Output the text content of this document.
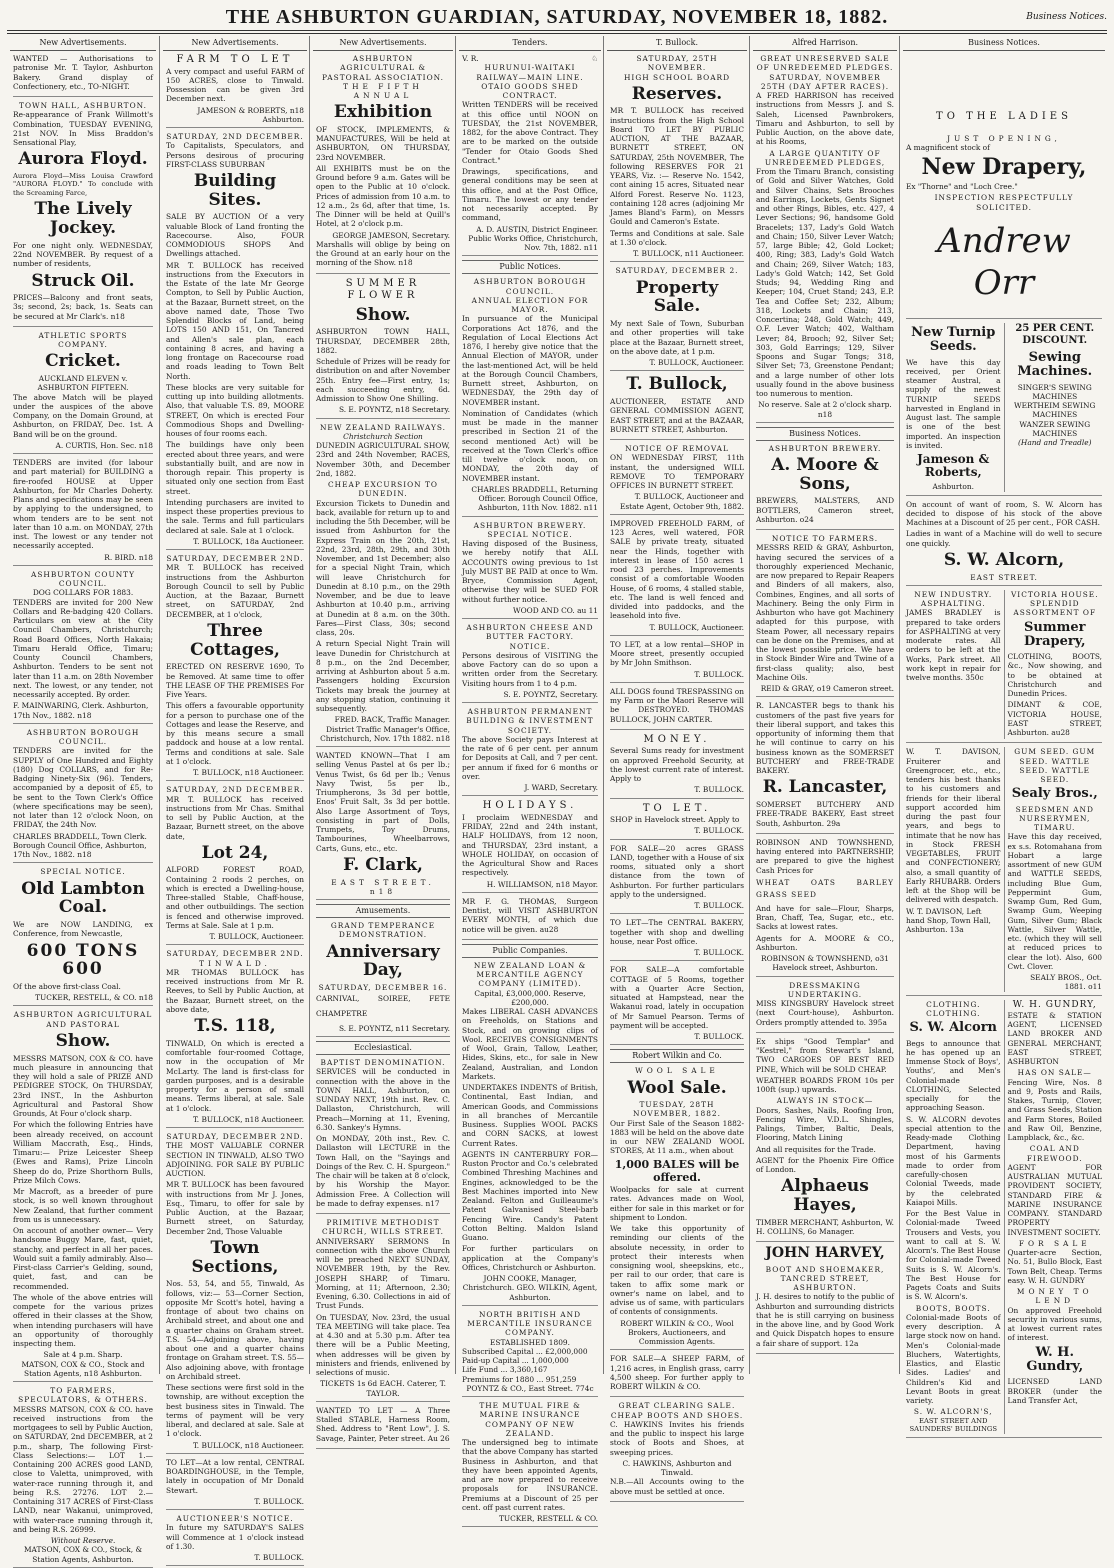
THE ASHBURTON GUARDIAN, SATURDAY, NOVEMBER 18, 1882.	Business Notices.
New Advertisements.

WANTED — Authorisations to patronise Mr. T. Taylor, Ashburton Bakery. Grand display of Confectionery, etc., TO-NIGHT.

TOWN HALL, ASHBURTON.

Re-appearance of Frank Willmott's Combination, TUESDAY EVENING, 21st NOV. In Miss Braddon's Sensational Play,

Aurora Floyd.

Aurora Floyd—Miss Louisa Crawford "AURORA FLOYD." To conclude with the Screaming Farce,

The Lively Jockey.

For one night only. WEDNESDAY, 22nd NOVEMBER. By request of a number of residents,

Struck Oil.

PRICES—Balcony and front seats, 3s; second, 2s; back, 1s. Seats can be secured at Mr Clark's. n18

ATHLETIC SPORTS COMPANY.
Cricket.
AUCKLAND ELEVEN v. ASHBURTON FIFTEEN.

The above Match will be played under the auspices of the above Company, on the Domain Ground, at Ashburton, on FRIDAY, Dec. 1st. A Band will be on the ground.

A. CURTIS, Hon. Sec. n18

TENDERS are invited (for labour and part material) for BUILDING a fire-roofed HOUSE at Upper Ashburton, for Mr Charles Doherty. Plans and specifications may be seen by applying to the undersigned, to whom tenders are to be sent not later than 10 a.m. on MONDAY, 27th inst. The lowest or any tender not necessarily accepted.

R. BIRD. n18
ASHBURTON COUNTY COUNCIL.
DOG COLLARS FOR 1883.

TENDERS are invited for 200 New Collars and Re-badging 420 Collars. Particulars on view at the City Council Chambers, Christchurch; Road Board Offices, North Hakaia; Timaru Herald Office, Timaru; County Council Chambers, Ashburton. Tenders to be sent not later than 11 a.m. on 28th November next. The lowest, or any tender, not necessarily accepted. By order.

F. MAINWARING, Clerk. Ashburton, 17th Nov., 1882. n18
ASHBURTON BOROUGH COUNCIL.

TENDERS are invited for the SUPPLY of One Hundred and Eighty (180) Dog COLLARS, and for Re-Badging Ninety-Six (96). Tenders, accompanied by a deposit of £5, to be sent to the Town Clerk's Office (where specifications may be seen), not later than 12 o'clock Noon, on FRIDAY, the 24th Nov.

CHARLES BRADDELL, Town Clerk. Borough Council Office, Ashburton, 17th Nov., 1882. n18
SPECIAL NOTICE.
Old Lambton Coal.

We are NOW LANDING, ex Conference, from Newcastle,

600 TONS 600

Of the above first-class Coal.

TUCKER, RESTELL, & CO. n18
ASHBURTON AGRICULTURAL AND PASTORAL
Show.

MESSRS MATSON, COX & CO. have much pleasure in announcing that they will hold a sale of PRIZE AND PEDIGREE STOCK, On THURSDAY, 23rd INST., In the Ashburton Agricultural and Pastoral Show Grounds, At Four o'clock sharp.

For which the following Entries have been already received, on account William Maccrath, Esq., Hinds, Timaru:— Prize Leicester Sheep (Ewes and Rams), Prize Lincoln Sheep do do, Prize Shorthorn Bulls, Prize Milch Cows.

Mr Macroft, as a breeder of pure stock, is so well known throughout New Zealand, that further comment from us is unnecessary.

On account of another owner— Very handsome Buggy Mare, fast, quiet, stanchy, and perfect in all her paces. Would suit a family admirably. Also— First-class Carrier's Gelding, sound, quiet, fast, and can be recommended.

The whole of the above entries will compete for the various prizes offered in their classes at the Show, when intending purchasers will have an opportunity of thoroughly inspecting them.

Sale at 4 p.m. Sharp.
MATSON, COX & CO., Stock and Station Agents, n18 Ashburton.
TO FARMERS, SPECULATORS, & OTHERS.

MESSRS MATSON, COX & CO. have received instructions from the mortgagees to sell by Public Auction, on SATURDAY, 2nd DECEMBER, at 2 p.m., sharp, The following First-Class Selections:— LOT 1.—Containing 200 ACRES good LAND, close to Valetta, unimproved, with water-race running through it, and being R.S. 27276. LOT 2.—Containing 317 ACRES of First-Class LAND, near Wakanui, unimproved, with water-race running through it, and being R.S. 26999.

Without Reserve.
MATSON, COX & CO., Stock, & Station Agents, Ashburton.
New Advertisements.
FARM TO LET

A very compact and useful FARM of 150 ACRES, close to Tinwald. Possession can be given 3rd December next.

JAMESON & ROBERTS, n18 Ashburton.
SATURDAY, 2ND DECEMBER.

To Capitalists, Speculators, and Persons desirous of procuring FIRST-CLASS SUBURBAN

Building Sites.

SALE BY AUCTION Of a very valuable Block of Land fronting the Racecourse. Also, FOUR COMMODIOUS SHOPS And Dwellings attached.

MR T. BULLOCK has received instructions from the Executors in the Estate of the late Mr George Compton, to Sell by Public Auction, at the Bazaar, Burnett street, on the above named date, Those Two Splendid Blocks of Land, being LOTS 150 AND 151, On Tancred and Allen's sale plan, each containing 8 acres, and having a long frontage on Racecourse road and roads leading to Town Belt North.

These blocks are very suitable for cutting up into building allotments. Also, that valuable T.S. 89, MOORE STREET, On which is erected Four Commodious Shops and Dwelling-houses of four rooms each.

The buildings have only been erected about three years, and were substantially built, and are now in thorough repair. This property is situated only one section from East street.

Intending purchasers are invited to inspect these properties previous to the sale. Terms and full particulars declared at sale. Sale at 1 o'clock.

T. BULLOCK, 18a Auctioneer.
SATURDAY, DECEMBER 2ND.

MR T. BULLOCK has received instructions from the Ashburton Borough Council to sell by Public Auction, at the Bazaar, Burnett street, on SATURDAY, 2nd DECEMBER, at 1 o'clock,

Three Cottages,

ERECTED ON RESERVE 1690, To be Removed. At same time to offer THE LEASE OF THE PREMISES For Five Years.

This offers a favourable opportunity for a person to purchase one of the Cottages and lease the Reserve, and by this means secure a small paddock and house at a low rental. Terms and conditions at sale. Sale at 1 o'clock.

T. BULLOCK, n18 Auctioneer.
SATURDAY, 2ND DECEMBER.

MR T. BULLOCK has received instructions from Mr Chas. Smithal to sell by Public Auction, at the Bazaar, Burnett street, on the above date,

Lot 24,

ALFORD FOREST ROAD, Containing 2 roods 2 perches, on which is erected a Dwelling-house, Three-stalled Stable, Chaff-house, and other outbuildings. The section is fenced and otherwise improved. Terms at Sale. Sale at 1 p.m.

T. BULLOCK, Auctioneer.
SATURDAY, DECEMBER 2ND.
TINWALD.

MR THOMAS BULLOCK has received instructions from Mr R. Reeves, to Sell by Public Auction, at the Bazaar, Burnett street, on the above date,

T.S. 118,

TINWALD, On which is erected a comfortable four-roomed Cottage, now in the occupation of Mr McLarty. The land is first-class for garden purposes, and is a desirable property for a person of small means. Terms liberal, at sale. Sale at 1 o'clock.

T. BULLOCK, n18 Auctioneer.
SATURDAY, DECEMBER 2ND.

THE MOST VALUABLE CORNER SECTION IN TINWALD, ALSO TWO ADJOINING. FOR SALE BY PUBLIC AUCTION.

MR T. BULLOCK has been favoured with instructions from Mr J. Jones, Esq., Timaru, to offer for sale by Public Auction, at the Bazaar, Burnett street, on Saturday, December 2nd, Those Valuable

Town Sections,

Nos. 53, 54, and 55, Tinwald, As follows, viz:— 53—Corner Section, opposite Mr Scott's hotel, having a frontage of about two chains on Archibald street, and about one and a quarter chains on Graham street. T.S. 54—Adjoining above, having about one and a quarter chains frontage on Graham street. T.S. 55—Also adjoining above, with frontage on Archibald street.

These sections were first sold in the township, are without exception the best business sites in Tinwald. The terms of payment will be very liberal, and declared at sale. Sale at 1 o'clock.

T. BULLOCK, n18 Auctioneer.

TO LET—At a low rental, CENTRAL BOARDINGHOUSE, in the Temple, lately in occupation of Mr Donald Stewart.

T. BULLOCK.
AUCTIONEER'S NOTICE.

In future my SATURDAY'S SALES will Commence at 1 o'clock instead of 1.30.

T. BULLOCK.
New Advertisements.
ASHBURTON AGRICULTURAL & PASTORAL ASSOCIATION.
THE FIFTH ANNUAL
Exhibition

OF STOCK, IMPLEMENTS, & MANUFACTURES, Will be held at ASHBURTON, ON THURSDAY, 23rd NOVEMBER.

All EXHIBITS must be on the Ground before 9 a.m. Gates will be open to the Public at 10 o'clock. Prices of admission from 10 a.m. to 12 a.m., 2s 6d, after that time, 1s. The Dinner will be held at Quill's Hotel, at 2 o'clock p.m.

GEORGE JAMESON, Secretary.

Marshalls will oblige by being on the Ground at an early hour on the morning of the Show. n18

SUMMER FLOWER
Show.

ASHBURTON TOWN HALL, THURSDAY, DECEMBER 28th, 1882.

Schedule of Prizes will be ready for distribution on and after November 25th. Entry fee—First entry, 1s; each succeeding entry, 6d. Admission to Show One Shilling.

S. E. POYNTZ, n18 Secretary.
NEW ZEALAND RAILWAYS.
Christchurch Section

DUNEDIN AGRICULTURAL SHOW, 23rd and 24th November, RACES, November 30th, and December 2nd, 1882.

CHEAP EXCURSION TO DUNEDIN.

Excursion Tickets to Dunedin and back, available for return up to and including the 5th December, will be issued from Ashburton for the Express Train on the 20th, 21st, 22nd, 23rd, 28th, 29th, and 30th November, and 1st December; also for a special Night Train, which will leave Christchurch for Dunedin at 8.10 p.m., on the 29th November, and be due to leave Ashburton at 10.40 p.m., arriving at Dunedin at 8 a.m. on the 30th. Fares—First Class, 30s; second class, 20s.

A return Special Night Train will leave Dunedin for Christchurch at 8 p.m., on the 2nd December, arriving at Ashburton about 5 a.m. Passengers holding Excursion Tickets may break the journey at any stopping station, continuing it subsequently.

FRED. BACK, Traffic Manager. District Traffic Manager's Office, Christchurch, Nov. 17th 1882. n18

WANTED KNOWN—That I am selling Venus Pastel at 6s per lb.; Venus Twist, 6s 6d per lb.; Venus Navy Twist, 5s per lb., Triumpherons, 3s 3d per bottle, Enos' Fruit Salt, 3s 3d per bottle. Also Large Assortment of Toys, consisting in part of Dolls, Trumpets, Toy Drums, Tambourines, Wheelbarrows, Carts, Guns, etc., etc.

F. Clark,
EAST STREET. n18
Amusements.
GRAND TEMPERANCE DEMONSTRATION.
Anniversary Day,
SATURDAY, DECEMBER 16.

CARNIVAL, SOIREE, FETE CHAMPETRE

S. E. POYNTZ, n11 Secretary.
Ecclesiastical.
BAPTIST DENOMINATION.

SERVICES will be conducted in connection with the above in the TOWN HALL, Ashburton, on SUNDAY NEXT, 19th inst. Rev. C. Dallaston, Christchurch, will Preach—Morning at 11, Evening, 6.30. Sankey's Hymns.

On MONDAY, 20th inst., Rev. C. Dallaston will LECTURE in the Town Hall, on the "Sayings and Doings of the Rev. C. H. Spurgeon." The chair will be taken at 8 o'clock, by his Worship the Mayor. Admission Free. A Collection will be made to defray expenses. n17

PRIMITIVE METHODIST CHURCH, WILLS STREET.

ANNIVERSARY SERMONS In connection with the above Church will be preached NEXT SUNDAY, NOVEMBER 19th, by the Rev. JOSEPH SHARP, of Timaru. Morning, at 11; Afternoon, 2.30; Evening, 6.30. Collections in aid of Trust Funds.

On TUESDAY, Nov. 23rd, the usual TEA MEETING will take place. Tea at 4.30 and at 5.30 p.m. After tea there will be a Public Meeting, when addresses will be given by ministers and friends, enlivened by selections of music.

TICKETS 1s 6d EACH. Caterer, T. TAYLOR.

WANTED TO LET — A Three Stalled STABLE, Harness Room, Shed. Address to "Rent Low", J. S. Savage, Painter, Peter street. Au 26

Tenders.
V. R.	♘
HURUNUI-WAITAKI RAILWAY—MAIN LINE.
OTAIO GOODS SHED CONTRACT.

Written TENDERS will be received at this office until NOON on TUESDAY, the 21st NOVEMBER, 1882, for the above Contract. They are to be marked on the outside "Tender for Otaio Goods Shed Contract."

Drawings, specifications, and general conditions may be seen at this office, and at the Post Office, Timaru. The lowest or any tender not necessarily accepted. By command,

A. D. AUSTIN, District Engineer. Public Works Office, Christchurch, Nov. 7th, 1882. n11
Public Notices.
ASHBURTON BOROUGH COUNCIL.
ANNUAL ELECTION FOR MAYOR.

In pursuance of the Municipal Corporations Act 1876, and the Regulation of Local Elections Act 1876, I hereby give notice that the Annual Election of MAYOR, under the last-mentioned Act, will be held at the Borough Council Chambers, Burnett street, Ashburton, on WEDNESDAY, the 29th day of NOVEMBER instant.

Nomination of Candidates (which must be made in the manner prescribed in Section 21 of the second mentioned Act) will be received at the Town Clerk's office till twelve o'clock noon, on MONDAY, the 20th day of NOVEMBER instant.

CHARLES BRADDELL, Returning Officer. Borough Council Office, Ashburton, 11th Nov. 1882. n11
ASHBURTON BREWERY.
SPECIAL NOTICE.

Having disposed of the Business, we hereby notify that ALL ACCOUNTS owing previous to 1st July MUST BE PAID at once to Wm. Bryce, Commission Agent, otherwise they will be SUED FOR without further notice.

WOOD AND CO. au 11
ASHBURTON CHEESE AND BUTTER FACTORY.
NOTICE.

Persons desirous of VISITING the above Factory can do so upon a written order from the Secretary. Visiting hours from 1 to 4 p.m.

S. E. POYNTZ, Secretary.
ASHBURTON PERMANENT BUILDING & INVESTMENT SOCIETY.

The above Society pays Interest at the rate of 6 per cent. per annum for Deposits at Call, and 7 per cent. per annum if fixed for 6 months or over.

J. WARD, Secretary.
HOLIDAYS.

I proclaim WEDNESDAY and FRIDAY, 22nd and 24th instant, HALF HOLIDAYS, from 12 noon, and THURSDAY, 23rd instant, a WHOLE HOLIDAY, on occasion of the Agricultural Show and Races respectively.

H. WILLIAMSON, n18 Mayor.

MR F. G. THOMAS, Surgeon Dentist, will VISIT ASHBURTON EVERY MONTH, of which due notice will be given. au28

Public Companies.
NEW ZEALAND LOAN & MERCANTILE AGENCY COMPANY (LIMITED).
Capital, £3,000,000. Reserve, £200,000.

Makes LIBERAL CASH ADVANCES on Freeholds, on Stations and Stock, and on growing clips of Wool. RECEIVES CONSIGNMENTS of Wool, Grain, Tallow, Leather, Hides, Skins, etc., for sale in New Zealand, Australian, and London Markets.

UNDERTAKES INDENTS of British, Continental, East Indian, and American Goods, and Commissions in all branches of Mercantile Business. Supplies WOOL PACKS and CORN SACKS, at lowest Current Rates.

AGENTS IN CANTERBURY FOR—Ruston Proctor and Co.'s celebrated Combined Threshing Machines and Engines, acknowledged to be the Best Machines imported into New Zealand. Felton and Guilleaume's Patent Galvanised Steel-barb Fencing Wire. Candy's Patent Cotton Belting. Maldon Island Guano.

For further particulars on application at the Company's Offices, Christchurch or Ashburton.

JOHN COOKE, Manager, Christchurch. GEO. WILKIN, Agent, Ashburton.
NORTH BRITISH AND MERCANTILE INSURANCE COMPANY.
ESTABLISHED 1809.
Subscribed Capital ... £2,000,000
Paid-up Capital ... 1,000,000
Life Fund ... 3,360,167
Premiums for 1880 ... 951,259
POYNTZ & CO., East Street. 774c
THE MUTUAL FIRE & MARINE INSURANCE COMPANY OF NEW ZEALAND.

The undersigned beg to intimate that the above Company has started Business in Ashburton, and that they have been appointed Agents, and are now prepared to receive proposals for INSURANCE. Premiums at a Discount of 25 per cent. off past current rates.

TUCKER, RESTELL & CO.
T. Bullock.
SATURDAY, 25TH NOVEMBER.
HIGH SCHOOL BOARD
Reserves.

MR T. BULLOCK has received instructions from the High School Board TO LET BY PUBLIC AUCTION, AT THE BAZAAR, BURNETT STREET, ON SATURDAY, 25th NOVEMBER, The following RESERVES FOR 21 YEARS, Viz. :— Reserve No. 1542, cont aining 15 acres, Situated near Alford Forest. Reserve No. 1123, containing 128 acres (adjoining Mr James Bland's Farm), on Messrs Gould and Cameron's Estate.

Terms and Conditions at sale. Sale at 1.30 o'clock.

T. BULLOCK, n11 Auctioneer.
SATURDAY, DECEMBER 2.
Property Sale.

My next Sale of Town, Suburban and other properties will take place at the Bazaar, Burnett street, on the above date, at 1 p.m.

T. BULLOCK, Auctioneer.
T. Bullock,

AUCTIONEER, ESTATE AND GENERAL COMMISSION AGENT, EAST STREET, and at the BAZAAR, BURNETT STREET, Ashburton.

NOTICE OF REMOVAL

ON WEDNESDAY FIRST, 11th instant, the undersigned WILL REMOVE TO TEMPORARY OFFICES IN BURNETT STREET.

T. BULLOCK, Auctioneer and Estate Agent, October 9th, 1882.

IMPROVED FREEHOLD FARM, of 123 Acres, well watered, FOR SALE by private treaty, situated near the Hinds, together with interest in lease of 150 acres 1 rood 23 perches. Improvements consist of a comfortable Wooden House, of 6 rooms, 4 stalled stable, etc. The land is well fenced and divided into paddocks, and the leasehold into five.

T. BULLOCK, Auctioneer.

TO LET, at a low rental—SHOP in Moore street, presently occupied by Mr John Smithson.

T. BULLOCK.

ALL DOGS found TRESPASSING on my Farm or the Maori Reserve will be DESTROYED. THOMAS BULLOCK, JOHN CARTER.

MONEY.

Several Sums ready for investment on approved Freehold Security, at the lowest current rate of interest. Apply to

T. BULLOCK.
TO LET.

SHOP in Havelock street. Apply to

T. BULLOCK.

FOR SALE—20 acres GRASS LAND, together with a House of six rooms, situated only a short distance from the town of Ashburton. For further particulars apply to the undersigned.

T. BULLOCK.

TO LET—The CENTRAL BAKERY, together with shop and dwelling house, near Post office.

T. BULLOCK.

FOR SALE—A comfortable COTTAGE of 5 Rooms, together with a Quarter Acre Section, situated at Hampstead, near the Wakanui road, lately in occupation of Mr Samuel Pearson. Terms of payment will be accepted.

T. BULLOCK.
Robert Wilkin and Co.
WOOL SALE
Wool Sale.
TUESDAY, 28TH NOVEMBER, 1882.

Our First Sale of the Season 1882-1883 will be held on the above date in our NEW ZEALAND WOOL STORES, At 11 a.m., when about

1,000 BALES will be offered.

Woolpacks for sale at current rates. Advances made on Wool, either for sale in this market or for shipment to London.

We take this opportunity of reminding our clients of the absolute necessity, in order to protect their interests when consigning wool, sheepskins, etc., per rail to our order, that care is taken to affix some mark or owner's name on label, and to advise us of same, with particulars of contents of consignments.

ROBERT WILKIN & CO., Wool Brokers, Auctioneers, and Commission Agents.

FOR SALE—A SHEEP FARM, of 1,216 acres, in English grass, carry 4,500 sheep. For further apply to ROBERT WILKIN & CO.

GREAT CLEARING SALE. CHEAP BOOTS AND SHOES.

C. HAWKINS Invites his friends and the public to inspect his large stock of Boots and Shoes, at sweeping prices.

C. HAWKINS, Ashburton and Tinwald.

N.B.—All Accounts owing to the above must be settled at once.

Alfred Harrison.
GREAT UNRESERVED SALE OF UNREDEEMED PLEDGES.
SATURDAY, NOVEMBER 25TH (DAY AFTER RACES).

A FRED HARRISON has received instructions from Messrs J. and S. Saleh, Licensed Pawnbrokers, Timaru and Ashburton, to sell by Public Auction, on the above date, at his Rooms,

A LARGE QUANTITY OF UNREDEEMED PLEDGES,

From the Timaru Branch, consisting of Gold and Silver Watches, Gold and Silver Chains, Sets Brooches and Earrings, Lockets, Gents Signet and other Rings, Bibles, etc. 427, 4 Lever Sections; 96, handsome Gold Bracelets; 137, Lady's Gold Watch and Chain; 150, Silver Lever Watch; 57, large Bible; 42, Gold Locket; 400, Ring; 383, Lady's Gold Watch and Chain; 269, Silver Watch; 183, Lady's Gold Watch; 142, Set Gold Studs; 94, Wedding Ring and Keeper; 104, Cruet Stand; 243, E.P. Tea and Coffee Set; 232, Album; 318, Lockets and Chain; 213, Concertina; 248, Gold Watch; 449, O.F. Lever Watch; 402, Waltham Lever; 84, Brooch; 92, Silver Set; 303, Gold Earrings; 129, Silver Spoons and Sugar Tongs; 318, Silver Set; 73, Greenstone Pendant; and a large number of other lots usually found in the above business too numerous to mention.

No reserve. Sale at 2 o'clock sharp. n18
Business Notices.
ASHBURTON BREWERY.
A. Moore & Sons,

BREWERS, MALSTERS, AND BOTTLERS, Cameron street, Ashburton. o24

NOTICE TO FARMERS.

MESSRS REID & GRAY, Ashburton, having secured the services of a thoroughly experienced Mechanic, are now prepared to Repair Reapers and Binders of all makers, also, Combines, Engines, and all sorts of Machinery. Being the only Firm in Ashburton who have got Machinery adapted for this purpose, with Steam Power, all necessary repairs can be done on the Premises, and at the lowest possible price. We have in Stock Binder Wire and Twine of a first-class quality; also, best Machine Oils.

REID & GRAY, o19 Cameron street.

R. LANCASTER begs to thank his customers of the past five years for their liberal support, and takes this opportunity of informing them that he will continue to carry on his business known as the SOMERSET BUTCHERY and FREE-TRADE BAKERY.

R. Lancaster,

SOMERSET BUTCHERY AND FREE-TRADE BAKERY, East street South, Ashburton. 29a

ROBINSON AND TOWNSHEND, having entered into PARTNERSHIP, are prepared to give the highest Cash Prices for

WHEAT OATS BARLEY GRASS SEED

And have for sale—Flour, Sharps, Bran, Chaff, Tea, Sugar, etc., etc. Sacks at lowest rates.

Agents for A. MOORE & CO., Ashburton.

ROBINSON & TOWNSHEND, o31 Havelock street, Ashburton.
DRESSMAKING UNDERTAKING.

MISS KINGSBURY Havelock street (next Court-house), Ashburton. Orders promptly attended to. 395a

Ex ships "Good Templar" and "Kestrel," from Stewart's Island, TWO CARGOES OF BEST RED PINE, Which will be SOLD CHEAP.

WEATHER BOARDS FROM 10s per 100ft (sup.) upwards.

ALWAYS IN STOCK—

Doors, Sashes, Nails, Roofing Iron, Fencing Wire, V.D.L. Shingles, Palings, Timber, Baltic, Deals, Flooring, Match Lining

And all requisites for the Trade.

AGENT for the Phoenix Fire Office of London.

Alphaeus Hayes,

TIMBER MERCHANT, Ashburton, W. H. COLLINS, 6o Manager.

JOHN HARVEY,
BOOT AND SHOEMAKER, TANCRED STREET, ASHBURTON.

J. H. desires to notify to the public of Ashburton and surrounding districts that he is still carrying on business in the above line, and by Good Work and Quick Dispatch hopes to ensure a fair share of support. 12a

Business Notices.
TO THE LADIES
JUST OPENING,

A magnificent stock of

New Drapery,

Ex "Thorne" and "Loch Cree."

INSPECTION RESPECTFULLY SOLICITED.
Andrew Orr
New Turnip Seeds.

We have this day received, per Orient steamer Austral, a supply of the newest TURNIP SEEDS harvested in England in August last. The sample is one of the best imported. An inspection is invited.

Jameson & Roberts,
Ashburton.
25 PER CENT. DISCOUNT.
Sewing Machines.
SINGER'S SEWING MACHINES
WERTHEIM SEWING MACHINES
WANZER SEWING MACHINES
(Hand and Treadle)

On account of want of room, S. W. Alcorn has decided to dispose of his stock of the above Machines at a Discount of 25 per cent., FOR CASH.

Ladies in want of a Machine will do well to secure one quickly.

S. W. Alcorn,
EAST STREET.
NEW INDUSTRY. ASPHALTING.

JAMES BRADLEY is prepared to take orders for ASPHALTING at very moderate rates. All orders to be left at the Works, Park street. All work kept in repair for twelve months. 350c

VICTORIA HOUSE.
SPLENDID ASSORTMENT OF
Summer Drapery,

CLOTHING, BOOTS, &c., Now showing, and to be obtained at Christchurch and Dunedin Prices.

DIMANT & COE, VICTORIA HOUSE, EAST STREET, Ashburton. au28

W. T. DAVISON, Fruiterer and Greengrocer, etc., etc., tenders his best thanks to his customers and friends for their liberal support accorded him during the past four years, and begs to intimate that he now has in Stock FRESH VEGETABLES, FRUIT and CONFECTIONERY; also, a small quantity of Early RHUBARB. Orders left at the Shop will be delivered with despatch.

W. T. DAVISON, Left hand Shop, Town Hall, Ashburton. 13a
GUM SEED. GUM SEED. WATTLE SEED. WATTLE SEED.
Sealy Bros.,
SEEDSMEN AND NURSERYMEN, TIMARU.

Have this day received, ex s.s. Rotomahana from Hobart a large assortment of new GUM and WATTLE SEEDS, including Blue Gum, Peppermint Gum, Swamp Gum, Red Gum, Swamp Gum, Weeping Gum, Silver Gum; Black Wattle, Silver Wattle, etc. (which they will sell at reduced prices to clear the lot). Also, 600 Cwt. Clover.

SEALY BROS., Oct. 1881. o11
CLOTHING. CLOTHING.
S. W. Alcorn

Begs to announce that he has opened up an Immense Stock of Boys', Youths', and Men's Colonial-made CLOTHING, Selected specially for the approaching Season.

S. W. ALCORN devotes special attention to the Ready-made Clothing Department, having most of his Garments made to order from carefully-chosen Colonial Tweeds, made by the celebrated Kaiapoi Mills.

For the Best Value in Colonial-made Tweed Trousers and Vests, you want to call at S. W. Alcorn's. The Best House for Colonial-made Tweed Suits is S. W. Alcorn's. The Best House for Pagets Coats and Suits is S. W. Alcorn's.

BOOTS, BOOTS.

Colonial-made Boots of every description. A large stock now on hand. Men's Colonial-made Bluchers, Watertights, Elastics, and Elastic Sides. Ladies' and Children's Kid and Levant Boots in great variety.

S. W. ALCORN'S,
EAST STREET AND SAUNDERS' BUILDINGS
W. H. GUNDRY,

ESTATE & STATION AGENT, LICENSED LAND BROKER AND GENERAL MERCHANT, EAST STREET, ASHBURTON

HAS ON SALE—

Fencing Wire, Nos. 8 and 9, Posts and Rails, Stakes, Turnip, Clover, and Grass Seeds, Station and Farm Stores, Boiled and Raw Oil, Benzine, Lampblack, &c., &c.

COAL AND FIREWOOD.

AGENT FOR AUSTRALIAN MUTUAL PROVIDENT SOCIETY, STANDARD FIRE & MARINE INSURANCE COMPANY. STANDARD PROPERTY INVESTMENT SOCIETY.

FOR SALE

Quarter-acre Section, No. 51, Bullo Block, East Town Belt, Cheap. Terms easy. W. H. GUNDRY

MONEY TO LEND

On approved Freehold security in various sums, at lowest current rates of interest.

W. H. Gundry,

LICENSED LAND BROKER (under the Land Transfer Act,
